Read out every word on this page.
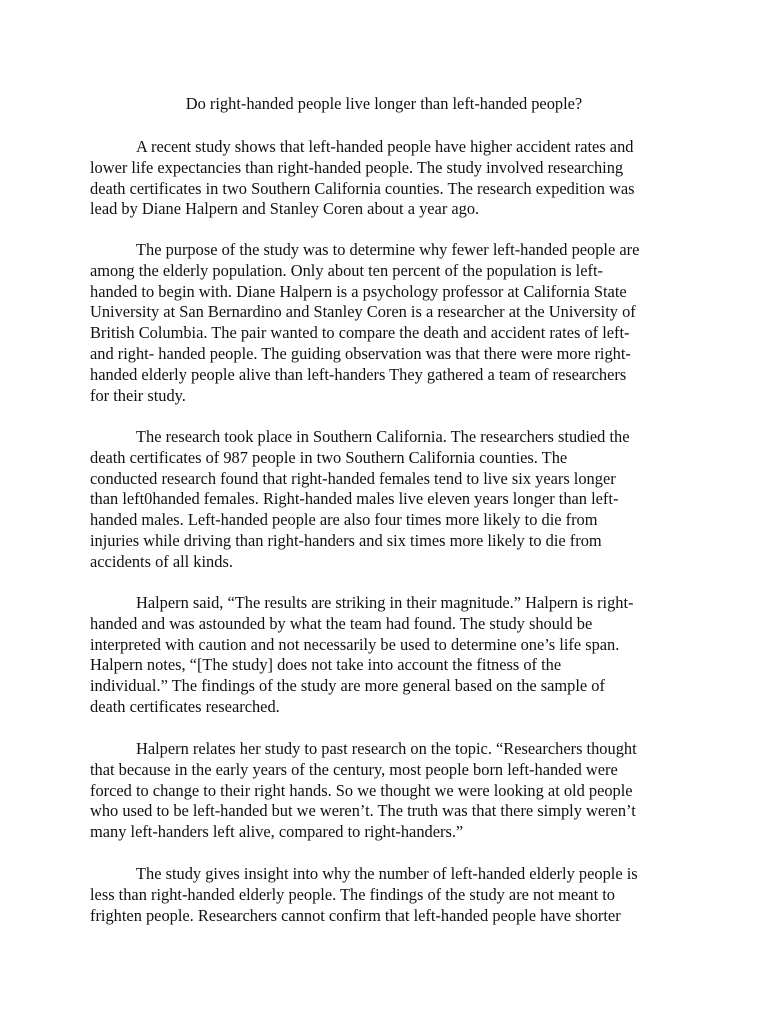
Do right-handed people live longer than left-handed people?
A recent study shows that left-handed people have higher accident rates and
lower life expectancies than right-handed people. The study involved researching
death certificates in two Southern California counties. The research expedition was
lead by Diane Halpern and Stanley Coren about a year ago.
The purpose of the study was to determine why fewer left-handed people are
among the elderly population. Only about ten percent of the population is left-
handed to begin with. Diane Halpern is a psychology professor at California State
University at San Bernardino and Stanley Coren is a researcher at the University of
British Columbia. The pair wanted to compare the death and accident rates of left-
and right- handed people. The guiding observation was that there were more right-
handed elderly people alive than left-handers They gathered a team of researchers
for their study.
The research took place in Southern California. The researchers studied the
death certificates of 987 people in two Southern California counties. The
conducted research found that right-handed females tend to live six years longer
than left0handed females. Right-handed males live eleven years longer than left-
handed males. Left-handed people are also four times more likely to die from
injuries while driving than right-handers and six times more likely to die from
accidents of all kinds.
Halpern said, “The results are striking in their magnitude.” Halpern is right-
handed and was astounded by what the team had found. The study should be
interpreted with caution and not necessarily be used to determine one’s life span.
Halpern notes, “[The study] does not take into account the fitness of the
individual.” The findings of the study are more general based on the sample of
death certificates researched.
Halpern relates her study to past research on the topic. “Researchers thought
that because in the early years of the century, most people born left-handed were
forced to change to their right hands. So we thought we were looking at old people
who used to be left-handed but we weren’t. The truth was that there simply weren’t
many left-handers left alive, compared to right-handers.”
The study gives insight into why the number of left-handed elderly people is
less than right-handed elderly people. The findings of the study are not meant to
frighten people. Researchers cannot confirm that left-handed people have shorter
